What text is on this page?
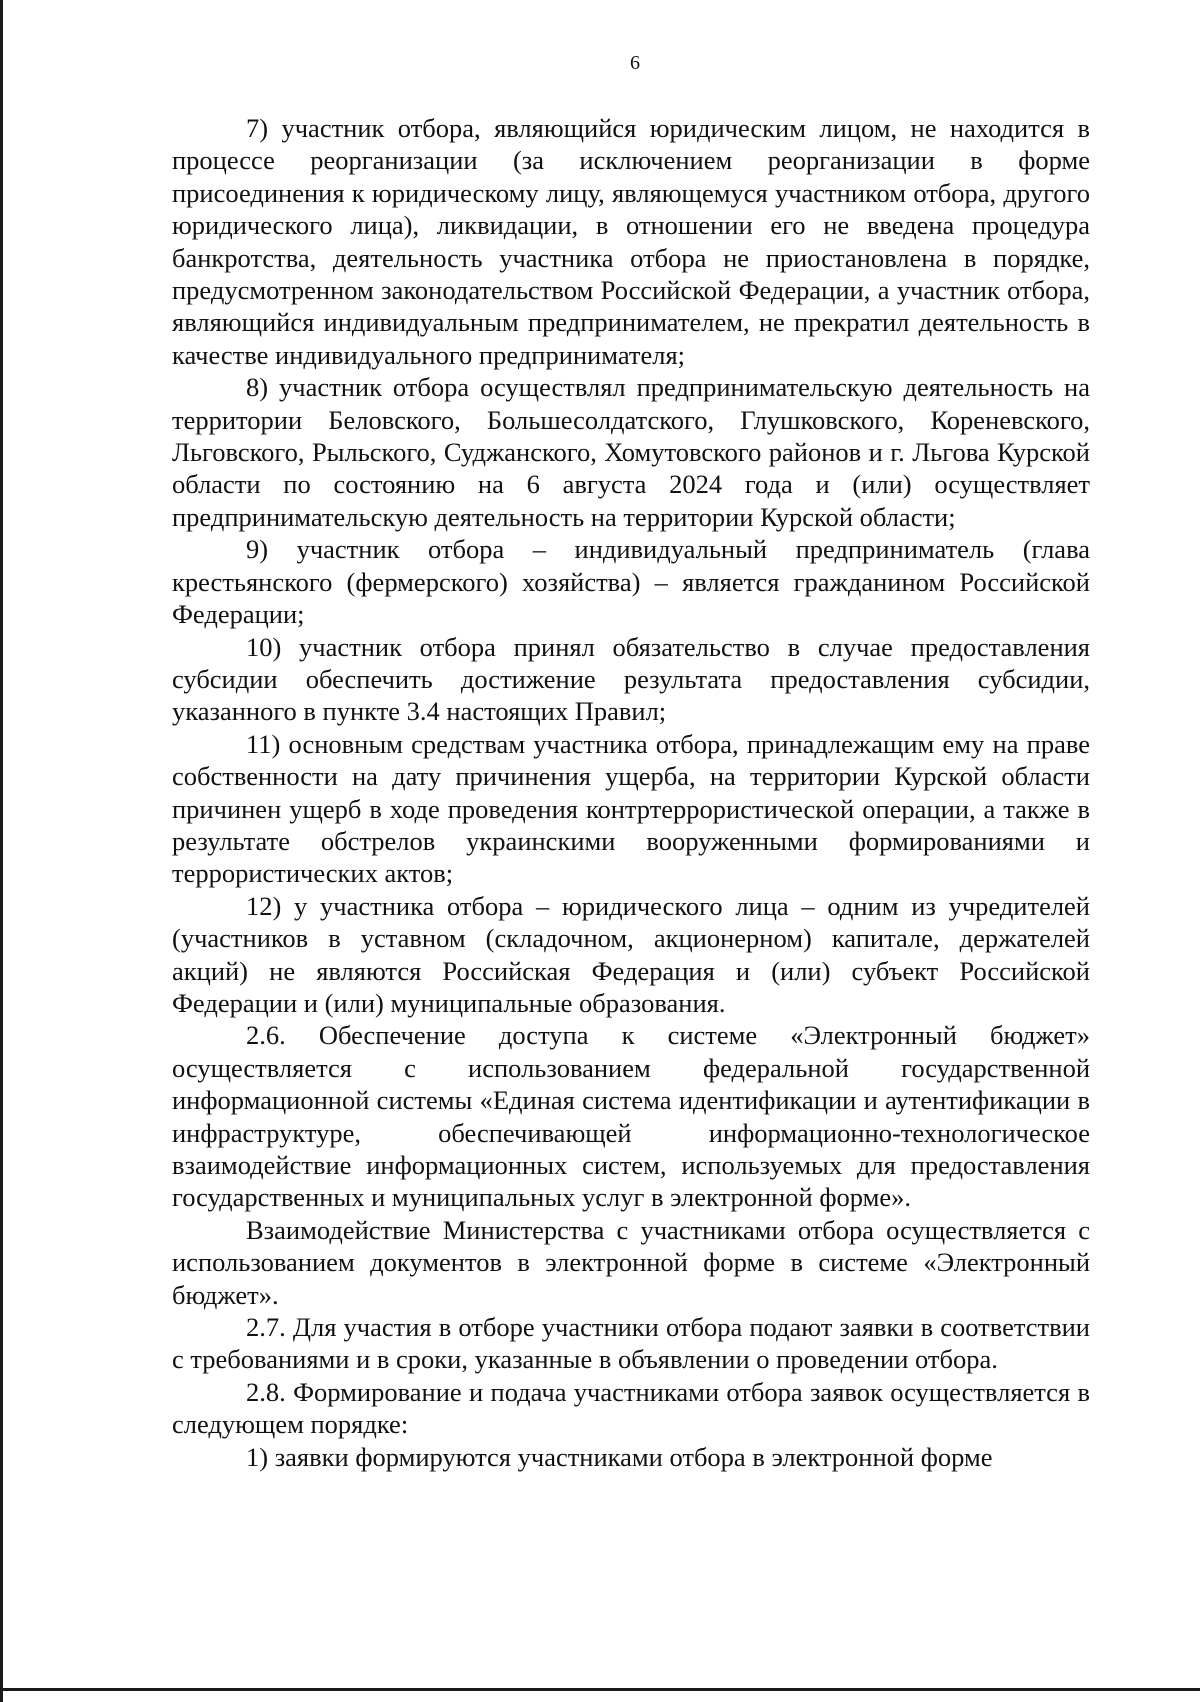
6

7) участник отбора, являющийся юридическим лицом, не находится в процессе реорганизации (за исключением реорганизации в форме присоединения к юридическому лицу, являющемуся участником отбора, другого юридического лица), ликвидации, в отношении его не введена процедура банкротства, деятельность участника отбора не приостановлена в порядке, предусмотренном законодательством Российской Федерации, а участник отбора, являющийся индивидуальным предпринимателем, не прекратил деятельность в качестве индивидуального предпринимателя;

8) участник отбора осуществлял предпринимательскую деятельность на территории Беловского, Большесолдатского, Глушковского, Кореневского, Льговского, Рыльского, Суджанского, Хомутовского районов и г. Льгова Курской области по состоянию на 6 августа 2024 года и (или) осуществляет предпринимательскую деятельность на территории Курской области;

9) участник отбора – индивидуальный предприниматель (глава крестьянского (фермерского) хозяйства) – является гражданином Российской Федерации;

10) участник отбора принял обязательство в случае предоставления субсидии обеспечить достижение результата предоставления субсидии, указанного в пункте 3.4 настоящих Правил;

11) основным средствам участника отбора, принадлежащим ему на праве собственности на дату причинения ущерба, на территории Курской области причинен ущерб в ходе проведения контртеррористической операции, а также в результате обстрелов украинскими вооруженными формированиями и террористических актов;

12) у участника отбора – юридического лица – одним из учредителей (участников в уставном (складочном, акционерном) капитале, держателей акций) не являются Российская Федерация и (или) субъект Российской Федерации и (или) муниципальные образования.

2.6. Обеспечение доступа к системе «Электронный бюджет» осуществляется с использованием федеральной государственной информационной системы «Единая система идентификации и аутентификации в инфраструктуре, обеспечивающей информационно-технологическое взаимодействие информационных систем, используемых для предоставления государственных и муниципальных услуг в электронной форме».

Взаимодействие Министерства с участниками отбора осуществляется с использованием документов в электронной форме в системе «Электронный бюджет».

2.7. Для участия в отборе участники отбора подают заявки в соответствии с требованиями и в сроки, указанные в объявлении о проведении отбора.

2.8. Формирование и подача участниками отбора заявок осуществляется в следующем порядке:

1) заявки формируются участниками отбора в электронной форме
